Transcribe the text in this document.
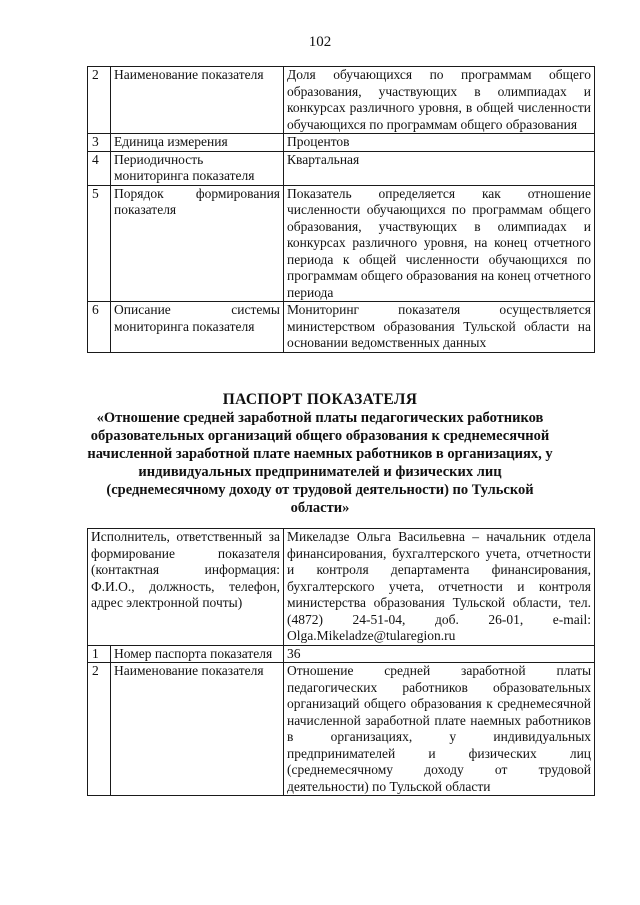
102
2	Наименование показателя	Доля обучающихся по программам общего образования, участвующих в олимпиадах и конкурсах различного уровня, в общей численности обучающихся по программам общего образования
3	Единица измерения	Процентов
4	Периодичность мониторинга показателя	Квартальная
5	Порядок формирования показателя	Показатель определяется как отношение численности обучающихся по программам общего образования, участвующих в олимпиадах и конкурсах различного уровня, на конец отчетного периода к общей численности обучающихся по программам общего образования на конец отчетного периода
6	Описание системы мониторинга показателя	Мониторинг показателя осуществляется министерством образования Тульской области на основании ведомственных данных
ПАСПОРТ ПОКАЗАТЕЛЯ
«Отношение средней заработной платы педагогических работников образовательных организаций общего образования к среднемесячной начисленной заработной плате наемных работников в организациях, у индивидуальных предпринимателей и физических лиц (среднемесячному доходу от трудовой деятельности) по Тульской области»
Исполнитель, ответственный за формирование показателя (контактная информация: Ф.И.О., должность, телефон, адрес электронной почты)		Микеладзе Ольга Васильевна – начальник отдела финансирования, бухгалтерского учета, отчетности и контроля департамента финансирования, бухгалтерского учета, отчетности и контроля министерства образования Тульской области, тел. (4872) 24-51-04, доб. 26-01, e-mail: Olga.Mikeladze@tularegion.ru
1	Номер паспорта показателя	36
2	Наименование показателя	Отношение средней заработной платы педагогических работников образовательных организаций общего образования к среднемесячной начисленной заработной плате наемных работников в организациях, у индивидуальных предпринимателей и физических лиц (среднемесячному доходу от трудовой деятельности) по Тульской области
